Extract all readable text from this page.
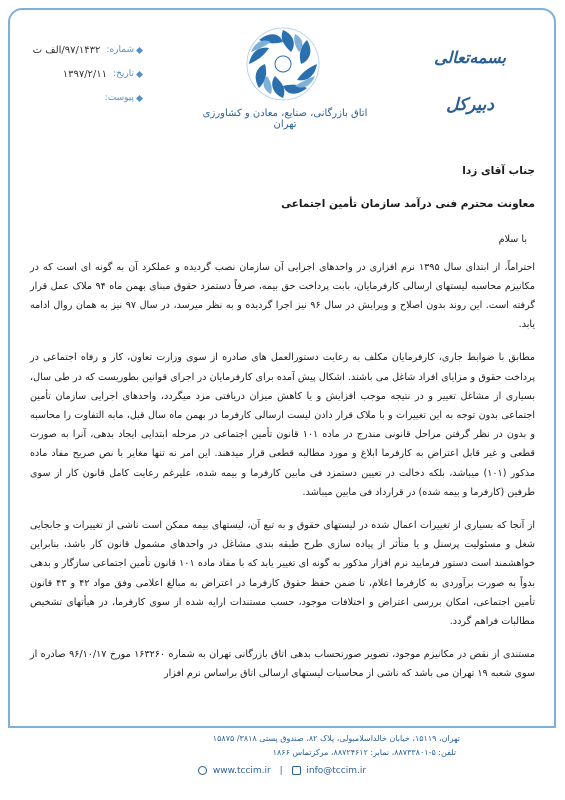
شماره:
۹۷/۱۴۳۲/الف ت
تاریخ:
۱۳۹۷/۲/۱۱
پیوست:
اتاق بازرگانی، صنایع، معادن و کشاورزی تهران
بسمه‌تعالی
دبیرکل
جناب آقای زدا
معاونت محترم فنی درآمد سازمان تأمین اجتماعی
با سلام

احتراماً، از ابتدای سال ۱۳۹۵ نرم افزاری در واحدهای اجرایی آن سازمان نصب گردیده و عملکرد آن به گونه ای است که در مکانیزم محاسبه لیستهای ارسالی کارفرمایان، بابت پرداخت حق بیمه، صرفاً دستمزد حقوق مبنای بهمن ماه ۹۴ ملاک عمل قرار گرفته است. این روند بدون اصلاح و ویرایش در سال ۹۶ نیز اجرا گردیده و به نظر میرسد، در سال ۹۷ نیز به همان روال ادامه یابد.

مطابق با ضوابط جاری، کارفرمایان مکلف به رعایت دستورالعمل های صادره از سوی وزارت تعاون، کار و رفاه اجتماعی در پرداخت حقوق و مزایای افراد شاغل می باشند. اشکال پیش آمده برای کارفرمایان در اجرای قوانین بطوریست که در طی سال، بسیاری از مشاغل تغییر و در نتیجه موجب افزایش و یا کاهش میزان دریافتی مزد میگردد، واحدهای اجرایی سازمان تأمین اجتماعی بدون توجه به این تغییرات و با ملاک قرار دادن لیست ارسالی کارفرما در بهمن ماه سال قبل، مابه التفاوت را محاسبه و بدون در نظر گرفتن مراحل قانونی مندرج در ماده ۱۰۱ قانون تأمین اجتماعی در مرحله ابتدایی ایجاد بدهی، آنرا به صورت قطعی و غیر قابل اعتراض به کارفرما ابلاغ و مورد مطالبه قطعی قرار میدهند. این امر نه تنها مغایر با نص صریح مفاد ماده مذکور (۱۰۱) میباشد، بلکه دخالت در تعیین دستمزد فی مابین کارفرما و بیمه شده، علیرغم رعایت کامل قانون کار از سوی طرفین (کارفرما و بیمه شده) در قرارداد فی مابین میباشد.

از آنجا که بسیاری از تغییرات اعمال شده در لیستهای حقوق و به تبع آن، لیستهای بیمه ممکن است ناشی از تغییرات و جابجایی شغل و مسئولیت پرسنل و یا متأثر از پیاده سازی طرح طبقه بندی مشاغل در واحدهای مشمول قانون کار باشد، بنابراین خواهشمند است دستور فرمایید نرم افزار مذکور به گونه ای تغییر یابد که با مفاد ماده ۱۰۱ قانون تأمین اجتماعی سازگار و بدهی بدواً به صورت برآوردی به کارفرما اعلام، تا ضمن حفظ حقوق کارفرما در اعتراض به مبالغ اعلامی وفق مواد ۴۲ و ۴۳ قانون تأمین اجتماعی، امکان بررسی اعتراض و اختلافات موجود، حسب مستندات ارایه شده از سوی کارفرما، در هیأتهای تشخیص مطالبات فراهم گردد.

مستندی از نقص در مکانیزم موجود، تصویر صورتحساب بدهی اتاق بازرگانی تهران به شماره ۱۶۳۲۶۰ مورخ ۹۶/۱۰/۱۷ صادره از سوی شعبه ۱۹ تهران می باشد که ناشی از محاسبات لیستهای ارسالی اتاق براساس نرم افزار

تهران، ۱۵۱۱۹، خیابان خالداسلامبولی، پلاک ۸۲، صندوق پستی ۳۸۱۸/ ۱۵۸۷۵
تلفن: ۵-۸۸۷۳۳۸۰۱، نمابر: ۸۸۷۲۴۶۱۲، مرکزتماس ۱۸۶۶
www.tccim.ir |	info@tccim.ir
